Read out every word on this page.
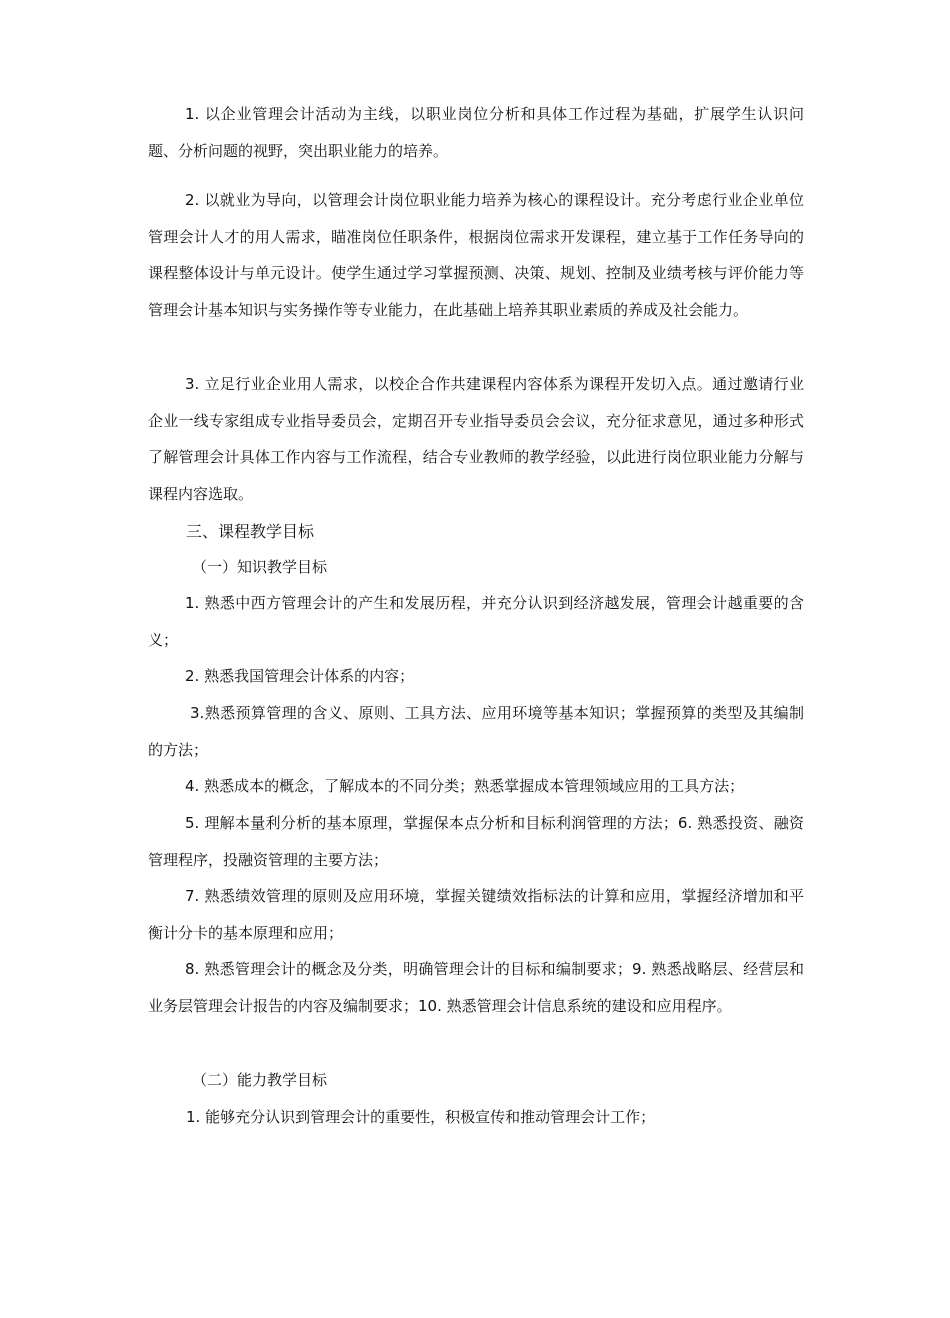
1. 以企业管理会计活动为主线，以职业岗位分析和具体工作过程为基础，扩展学生认识问题、分析问题的视野，突出职业能力的培养。

2. 以就业为导向，以管理会计岗位职业能力培养为核心的课程设计。充分考虑行业企业单位管理会计人才的用人需求，瞄准岗位任职条件，根据岗位需求开发课程，建立基于工作任务导向的课程整体设计与单元设计。使学生通过学习掌握预测、决策、规划、控制及业绩考核与评价能力等管理会计基本知识与实务操作等专业能力，在此基础上培养其职业素质的养成及社会能力。

3. 立足行业企业用人需求，以校企合作共建课程内容体系为课程开发切入点。通过邀请行业企业一线专家组成专业指导委员会，定期召开专业指导委员会会议，充分征求意见，通过多种形式了解管理会计具体工作内容与工作流程，结合专业教师的教学经验，以此进行岗位职业能力分解与课程内容选取。

三、课程教学目标

（一）知识教学目标

1. 熟悉中西方管理会计的产生和发展历程，并充分认识到经济越发展，管理会计越重要的含义；

2. 熟悉我国管理会计体系的内容；

3.熟悉预算管理的含义、原则、工具方法、应用环境等基本知识；掌握预算的类型及其编制的方法；

4. 熟悉成本的概念，了解成本的不同分类；熟悉掌握成本管理领域应用的工具方法；

5. 理解本量利分析的基本原理，掌握保本点分析和目标利润管理的方法；6. 熟悉投资、融资管理程序，投融资管理的主要方法；

7. 熟悉绩效管理的原则及应用环境，掌握关键绩效指标法的计算和应用，掌握经济增加和平衡计分卡的基本原理和应用；

8. 熟悉管理会计的概念及分类，明确管理会计的目标和编制要求；9. 熟悉战略层、经营层和业务层管理会计报告的内容及编制要求；10. 熟悉管理会计信息系统的建设和应用程序。

（二）能力教学目标

1. 能够充分认识到管理会计的重要性，积极宣传和推动管理会计工作；
